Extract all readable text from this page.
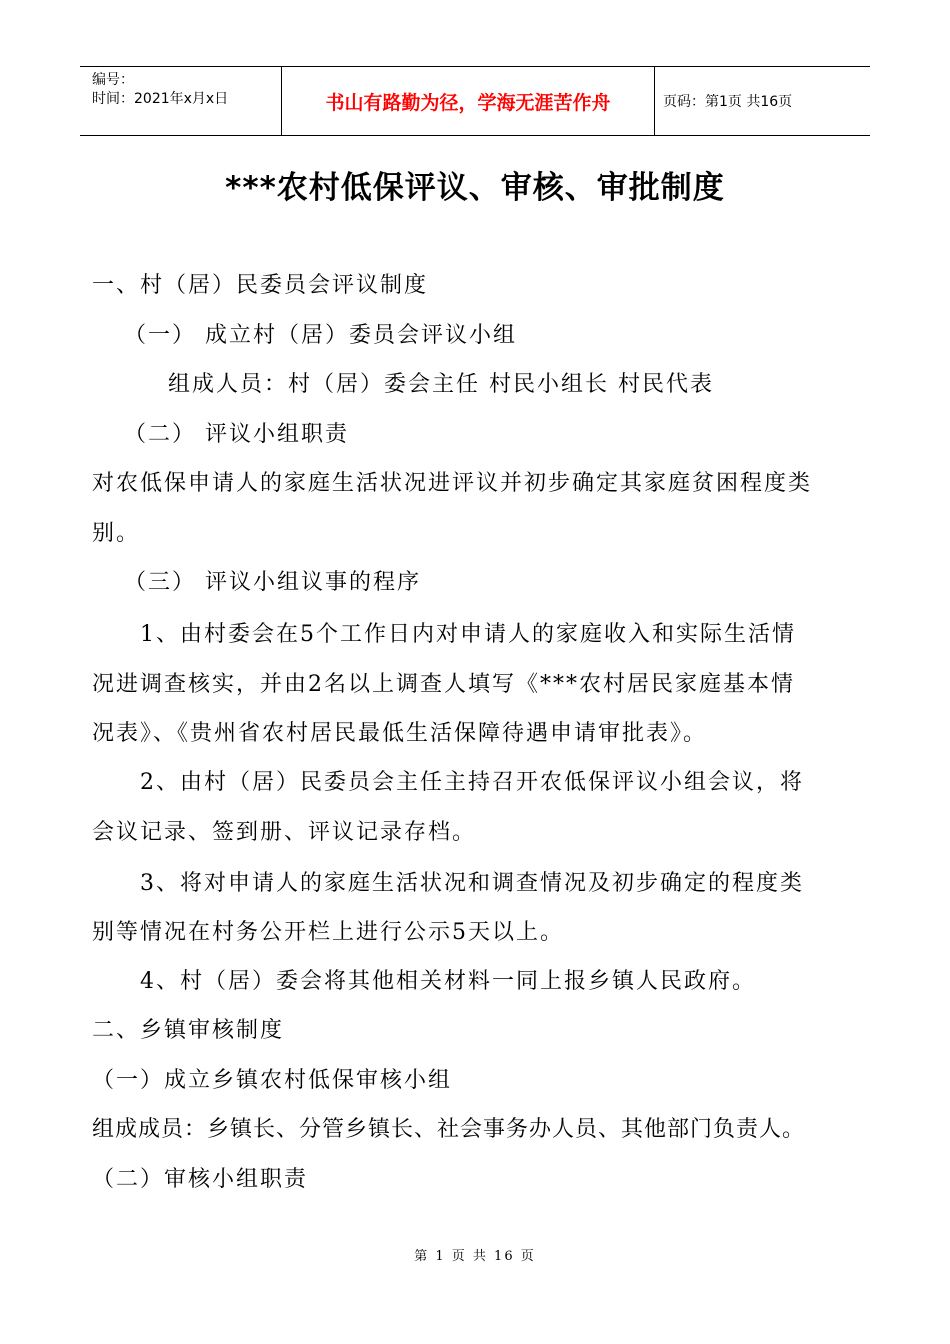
编号：
时间：2021年x月x日	书山有路勤为径，学海无涯苦作舟	页码：第1页 共16页
***农村低保评议、审核、审批制度
一、村（居）民委员会评议制度
（一） 成立村（居）委员会评议小组
组成人员：村（居）委会主任 村民小组长 村民代表
（二） 评议小组职责
对农低保申请人的家庭生活状况进评议并初步确定其家庭贫困程度类
别。
（三） 评议小组议事的程序
1、由村委会在5个工作日内对申请人的家庭收入和实际生活情
况进调查核实，并由2名以上调查人填写《***农村居民家庭基本情
况表》、《贵州省农村居民最低生活保障待遇申请审批表》。
2、由村（居）民委员会主任主持召开农低保评议小组会议，将
会议记录、签到册、评议记录存档。
3、将对申请人的家庭生活状况和调查情况及初步确定的程度类
别等情况在村务公开栏上进行公示5天以上。
4、村（居）委会将其他相关材料一同上报乡镇人民政府。
二、乡镇审核制度
（一）成立乡镇农村低保审核小组
组成成员：乡镇长、分管乡镇长、社会事务办人员、其他部门负责人。
（二）审核小组职责
第 1 页 共 16 页
